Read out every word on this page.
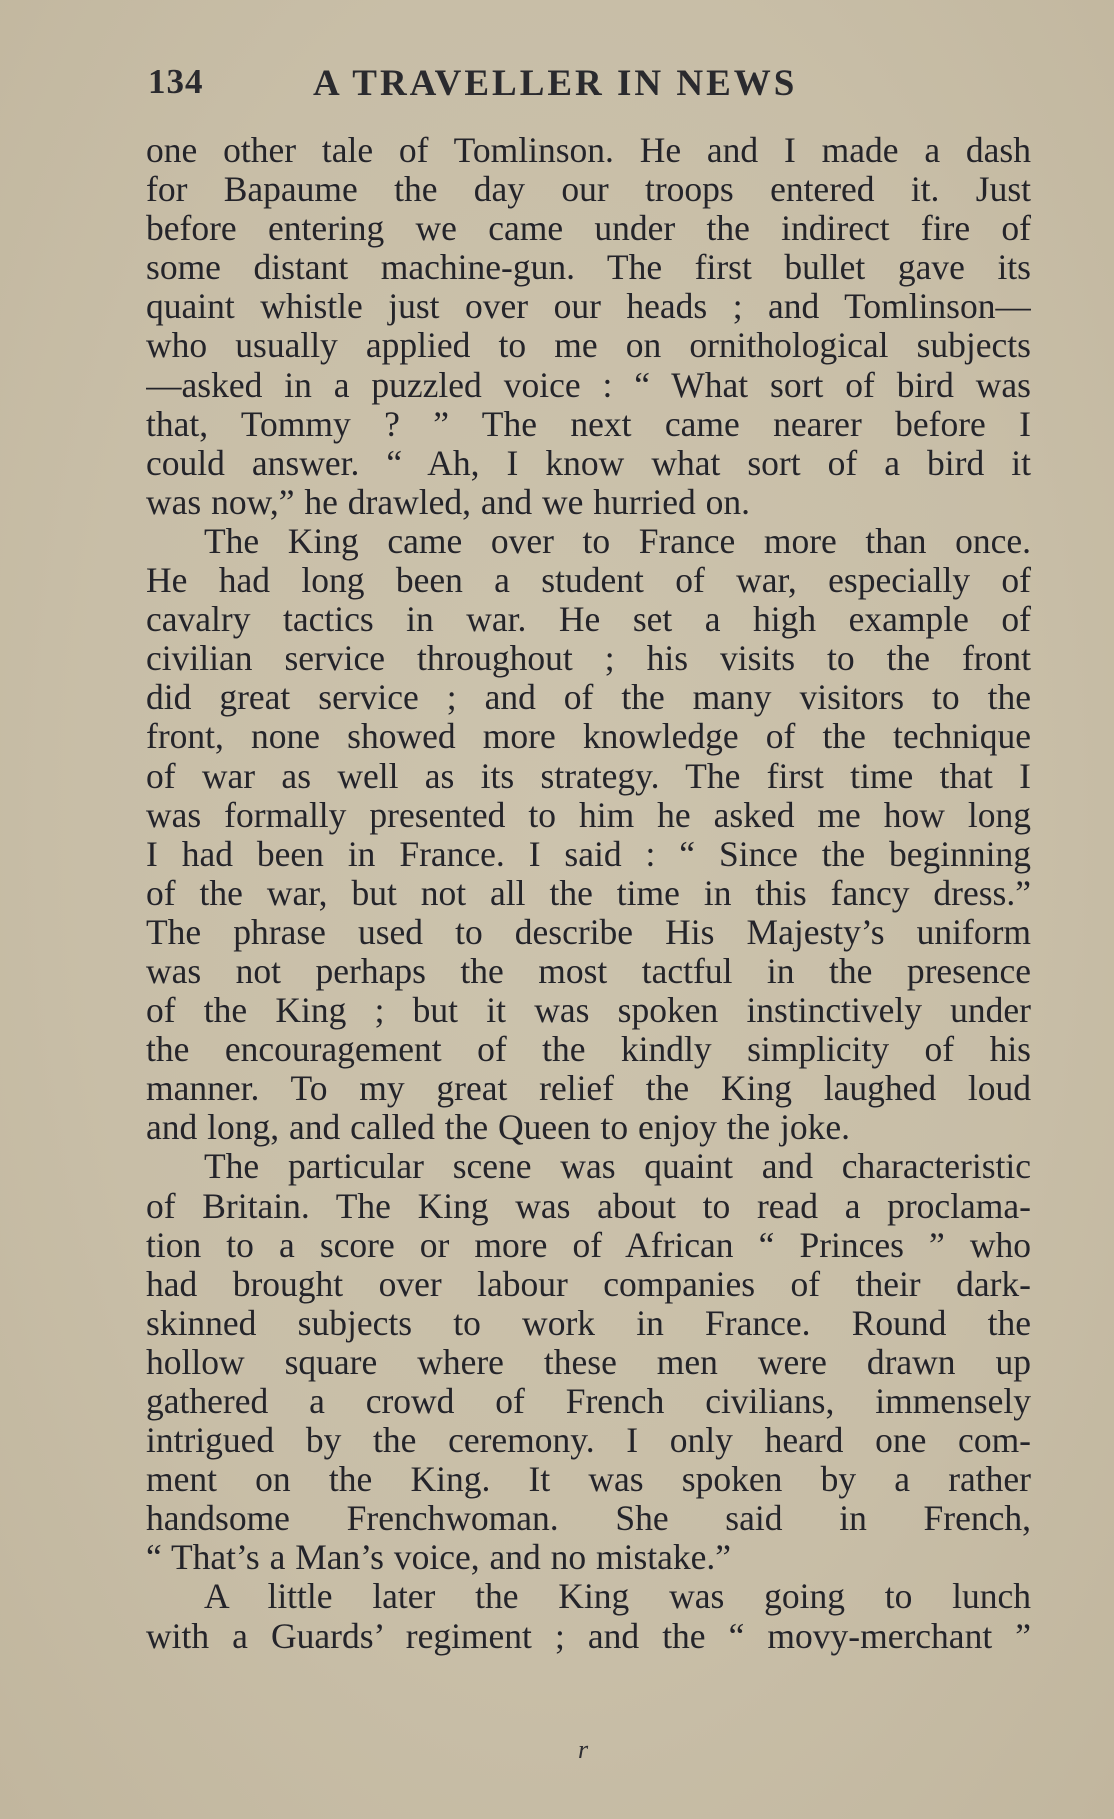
134	A TRAVELLER IN NEWS
one other tale of Tomlinson. He and I made a dash
for Bapaume the day our troops entered it. Just
before entering we came under the indirect fire of
some distant machine-gun. The first bullet gave its
quaint whistle just over our heads ; and Tomlinson—
who usually applied to me on ornithological subjects
—asked in a puzzled voice : “ What sort of bird was
that, Tommy ? ” The next came nearer before I
could answer. “ Ah, I know what sort of a bird it
was now,” he drawled, and we hurried on.
The King came over to France more than once.
He had long been a student of war, especially of
cavalry tactics in war. He set a high example of
civilian service throughout ; his visits to the front
did great service ; and of the many visitors to the
front, none showed more knowledge of the technique
of war as well as its strategy. The first time that I
was formally presented to him he asked me how long
I had been in France. I said : “ Since the beginning
of the war, but not all the time in this fancy dress.”
The phrase used to describe His Majesty’s uniform
was not perhaps the most tactful in the presence
of the King ; but it was spoken instinctively under
the encouragement of the kindly simplicity of his
manner. To my great relief the King laughed loud
and long, and called the Queen to enjoy the joke.
The particular scene was quaint and characteristic
of Britain. The King was about to read a proclama-
tion to a score or more of African “ Princes ” who
had brought over labour companies of their dark-
skinned subjects to work in France. Round the
hollow square where these men were drawn up
gathered a crowd of French civilians, immensely
intrigued by the ceremony. I only heard one com-
ment on the King. It was spoken by a rather
handsome Frenchwoman. She said in French,
“ That’s a Man’s voice, and no mistake.”
A little later the King was going to lunch
with a Guards’ regiment ; and the “ movy-merchant ”
r
